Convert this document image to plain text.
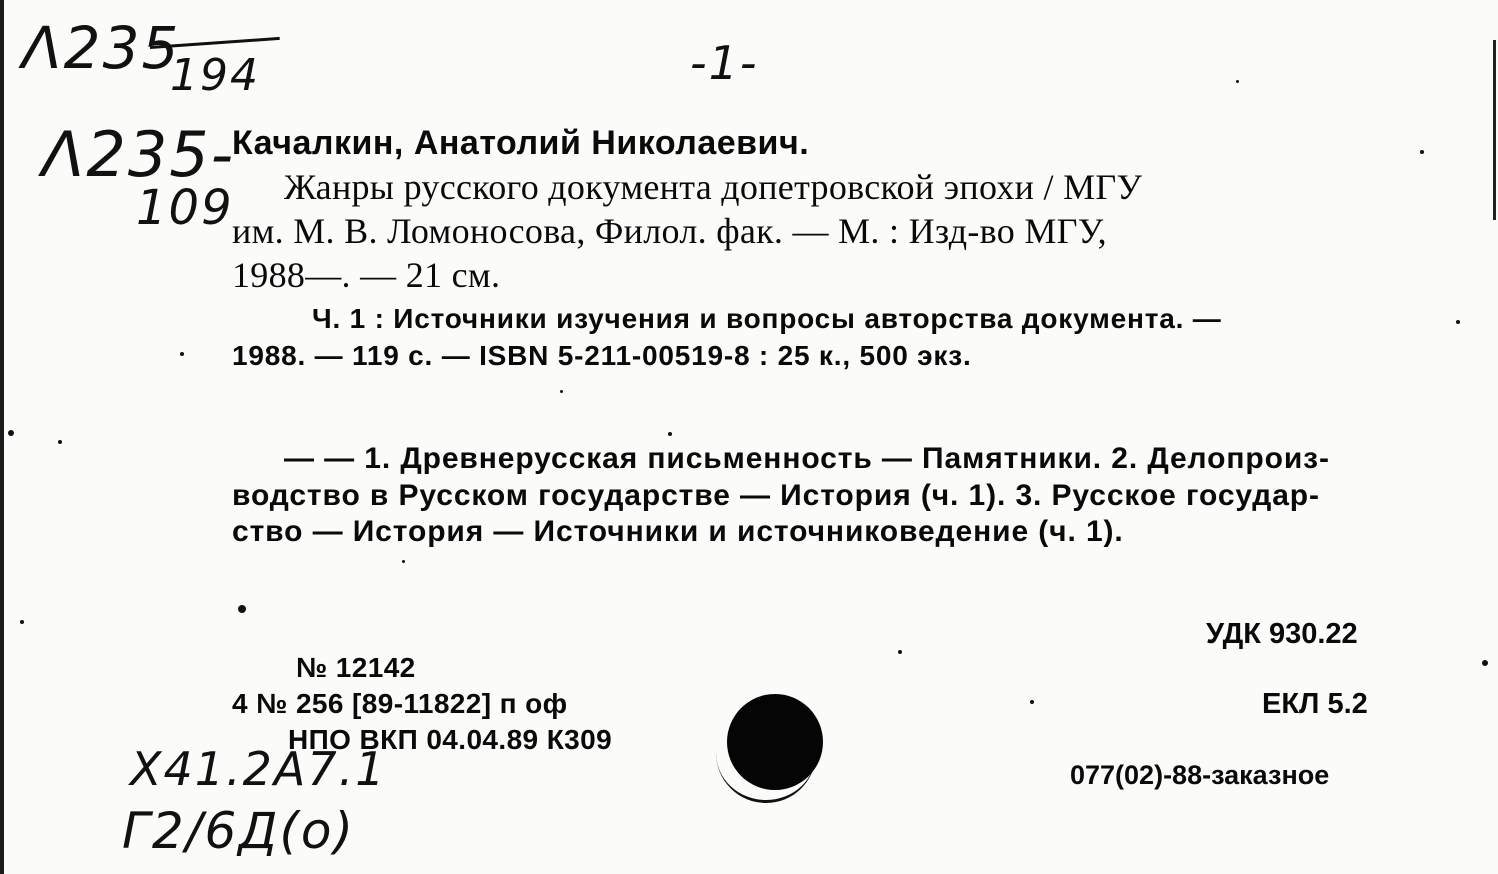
Λ235
194	-1-
Λ235-
109
Качалкин, Анатолий Николаевич.
Жанры русского документа допетровской эпохи / МГУ
им. М. В. Ломоносова, Филол. фак. — М. : Изд-во МГУ,
1988—. — 21 см.
Ч. 1 : Источники изучения и вопросы авторства документа. —
1988. — 119 с. — ISBN 5-211-00519-8 : 25 к., 500 экз.
— — 1. Древнерусская письменность — Памятники. 2. Делопроиз-
водство в Русском государстве — История (ч. 1). 3. Русское государ-
ство — История — Источники и источниковедение (ч. 1).
УДК 930.22
ЕКЛ 5.2
077(02)-88-заказное
№ 12142
4 № 256 [89-11822] п оф
НПО ВКП 04.04.89 К309
X41.2A7.1
Г2/6Д(о)
